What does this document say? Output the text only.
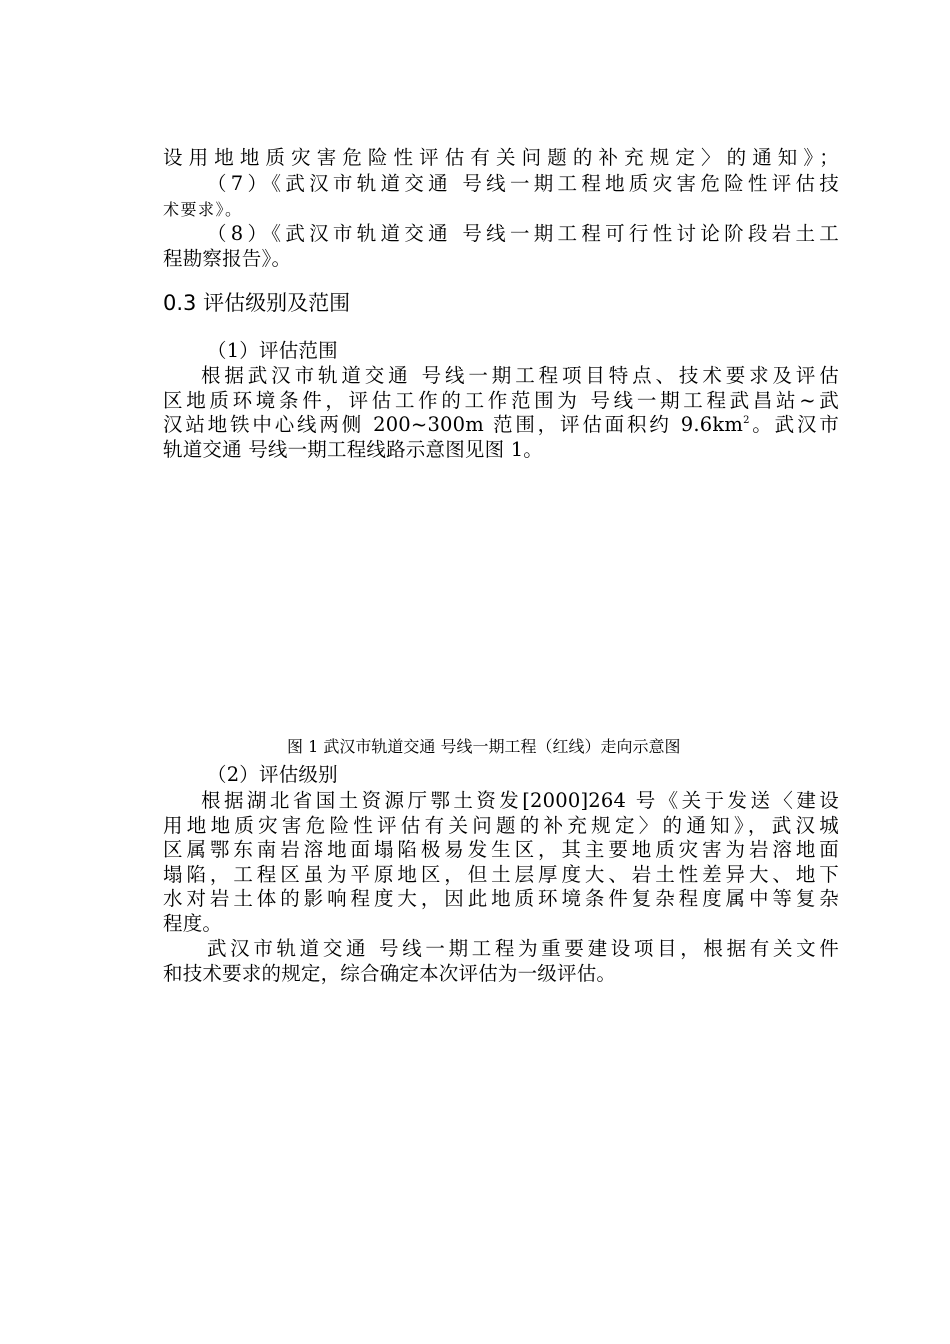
设用地地质灾害危险性评估有关问题的补充规定〉的通知》；
（7）《武汉市轨道交通 号线一期工程地质灾害危险性评估技
术要求》。
（8）《武汉市轨道交通 号线一期工程可行性讨论阶段岩土工
程勘察报告》。
0.3 评估级别及范围
（1）评估范围
根据武汉市轨道交通 号线一期工程项目特点、技术要求及评估
区地质环境条件，评估工作的工作范围为 号线一期工程武昌站~武
汉站地铁中心线两侧 200~300m 范围，评估面积约 $9.6km^2$。武汉市
轨道交通 号线一期工程线路示意图见图 1。
图 1 武汉市轨道交通 号线一期工程（红线）走向示意图
（2）评估级别
根据湖北省国土资源厅鄂土资发[2000]264 号《关于发送〈建设
用地地质灾害危险性评估有关问题的补充规定〉的通知》，武汉城
区属鄂东南岩溶地面塌陷极易发生区，其主要地质灾害为岩溶地面
塌陷，工程区虽为平原地区，但土层厚度大、岩土性差异大、地下
水对岩土体的影响程度大，因此地质环境条件复杂程度属中等复杂
程度。
武汉市轨道交通 号线一期工程为重要建设项目，根据有关文件
和技术要求的规定，综合确定本次评估为一级评估。
